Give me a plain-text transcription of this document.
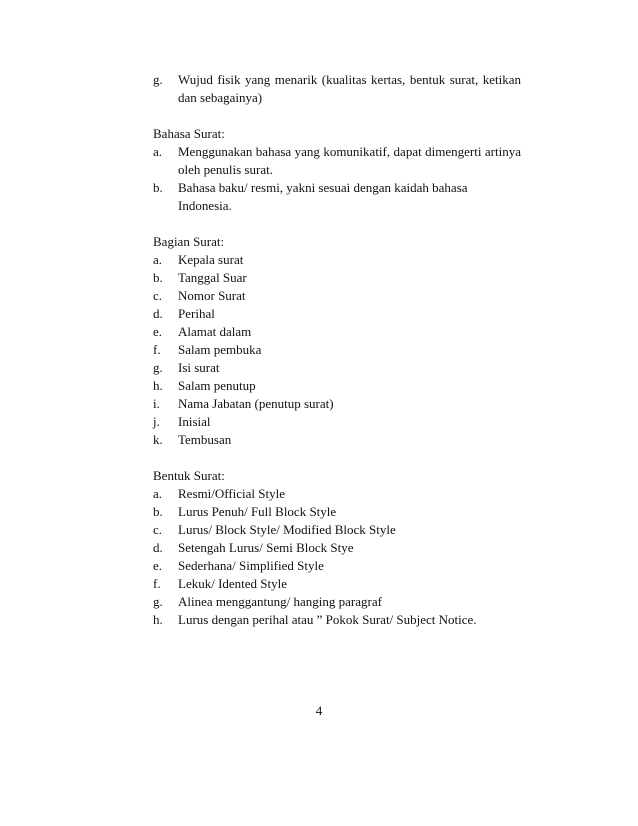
g.	Wujud fisik yang menarik (kualitas kertas, bentuk surat, ketikan
dan sebagainya)

Bahasa Surat:

a.	Menggunakan bahasa yang komunikatif, dapat dimengerti artinya
oleh penulis surat.
b.	Bahasa baku/ resmi, yakni sesuai dengan kaidah bahasa Indonesia.

Bagian Surat:

a.	Kepala surat
b.	Tanggal Suar
c.	Nomor Surat
d.	Perihal
e.	Alamat dalam
f.	Salam pembuka
g.	Isi surat
h.	Salam penutup
i.	Nama Jabatan (penutup surat)
j.	Inisial
k.	Tembusan

Bentuk Surat:

a.	Resmi/Official Style
b.	Lurus Penuh/ Full Block Style
c.	Lurus/ Block Style/ Modified Block Style
d.	Setengah Lurus/ Semi Block Stye
e.	Sederhana/ Simplified Style
f.	Lekuk/ Idented Style
g.	Alinea menggantung/ hanging paragraf
h.	Lurus dengan perihal atau ” Pokok Surat/ Subject Notice.
4
